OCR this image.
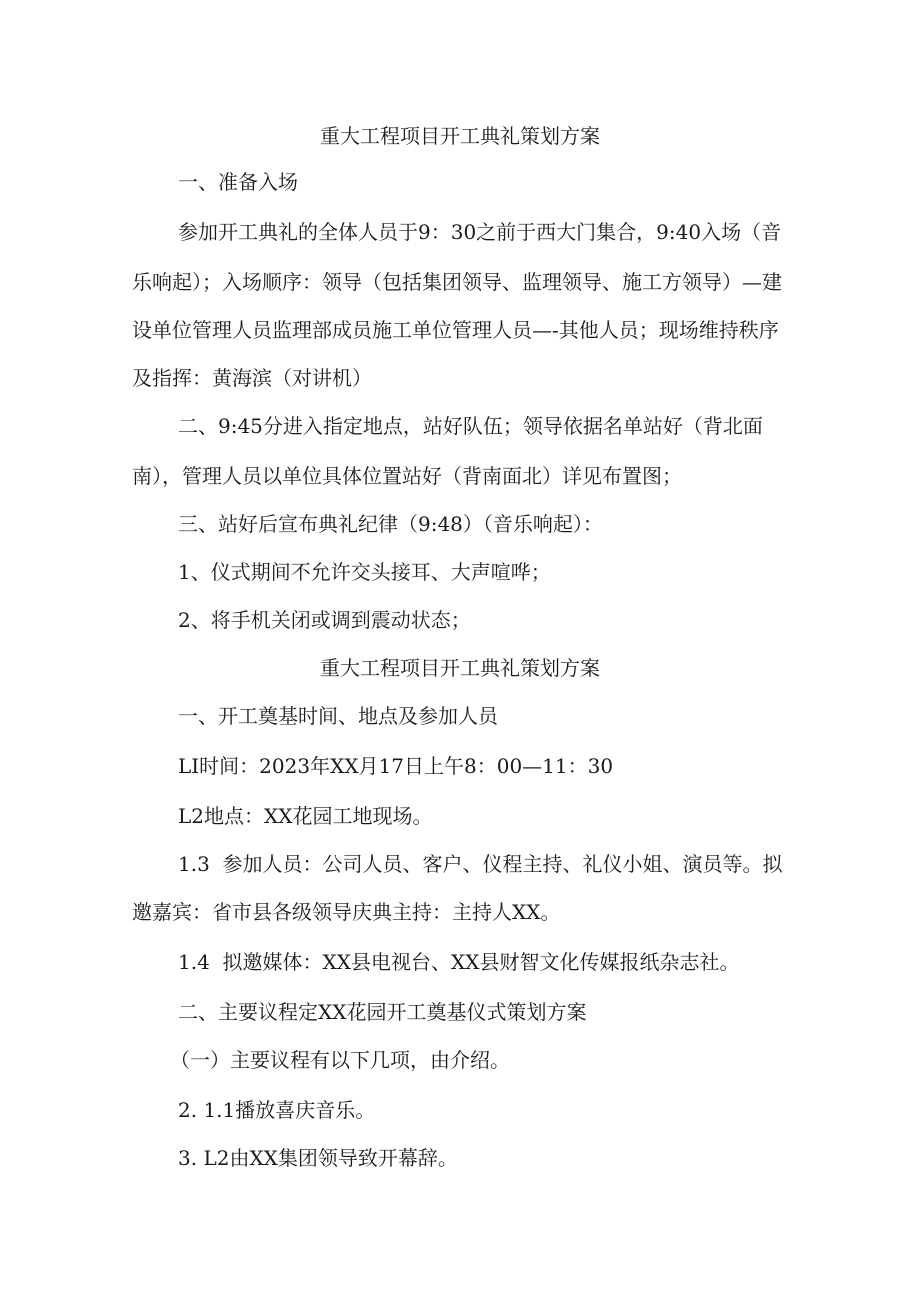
重大工程项目开工典礼策划方案
一、准备入场
参加开工典礼的全体人员于9：30之前于西大门集合，9:40入场（音
乐响起）；入场顺序：领导（包括集团领导、监理领导、施工方领导）—建
设单位管理人员监理部成员施工单位管理人员—-其他人员；现场维持秩序
及指挥：黄海滨（对讲机）
二、9:45分进入指定地点，站好队伍；领导依据名单站好（背北面
南），管理人员以单位具体位置站好（背南面北）详见布置图；
三、站好后宣布典礼纪律（9:48）（音乐响起）：
1、仪式期间不允许交头接耳、大声喧哗；
2、将手机关闭或调到震动状态；
重大工程项目开工典礼策划方案
一、开工奠基时间、地点及参加人员
LI时间：2023年XX月17日上午8：00—11：30
L2地点：XX花园工地现场。
1.3  参加人员：公司人员、客户、仪程主持、礼仪小姐、演员等。拟
邀嘉宾：省市县各级领导庆典主持：主持人XX。
1.4  拟邀媒体：XX县电视台、XX县财智文化传媒报纸杂志社。
二、主要议程定XX花园开工奠基仪式策划方案
（一）主要议程有以下几项，由介绍。
2. 1.1播放喜庆音乐。
3. L2由XX集团领导致开幕辞。
